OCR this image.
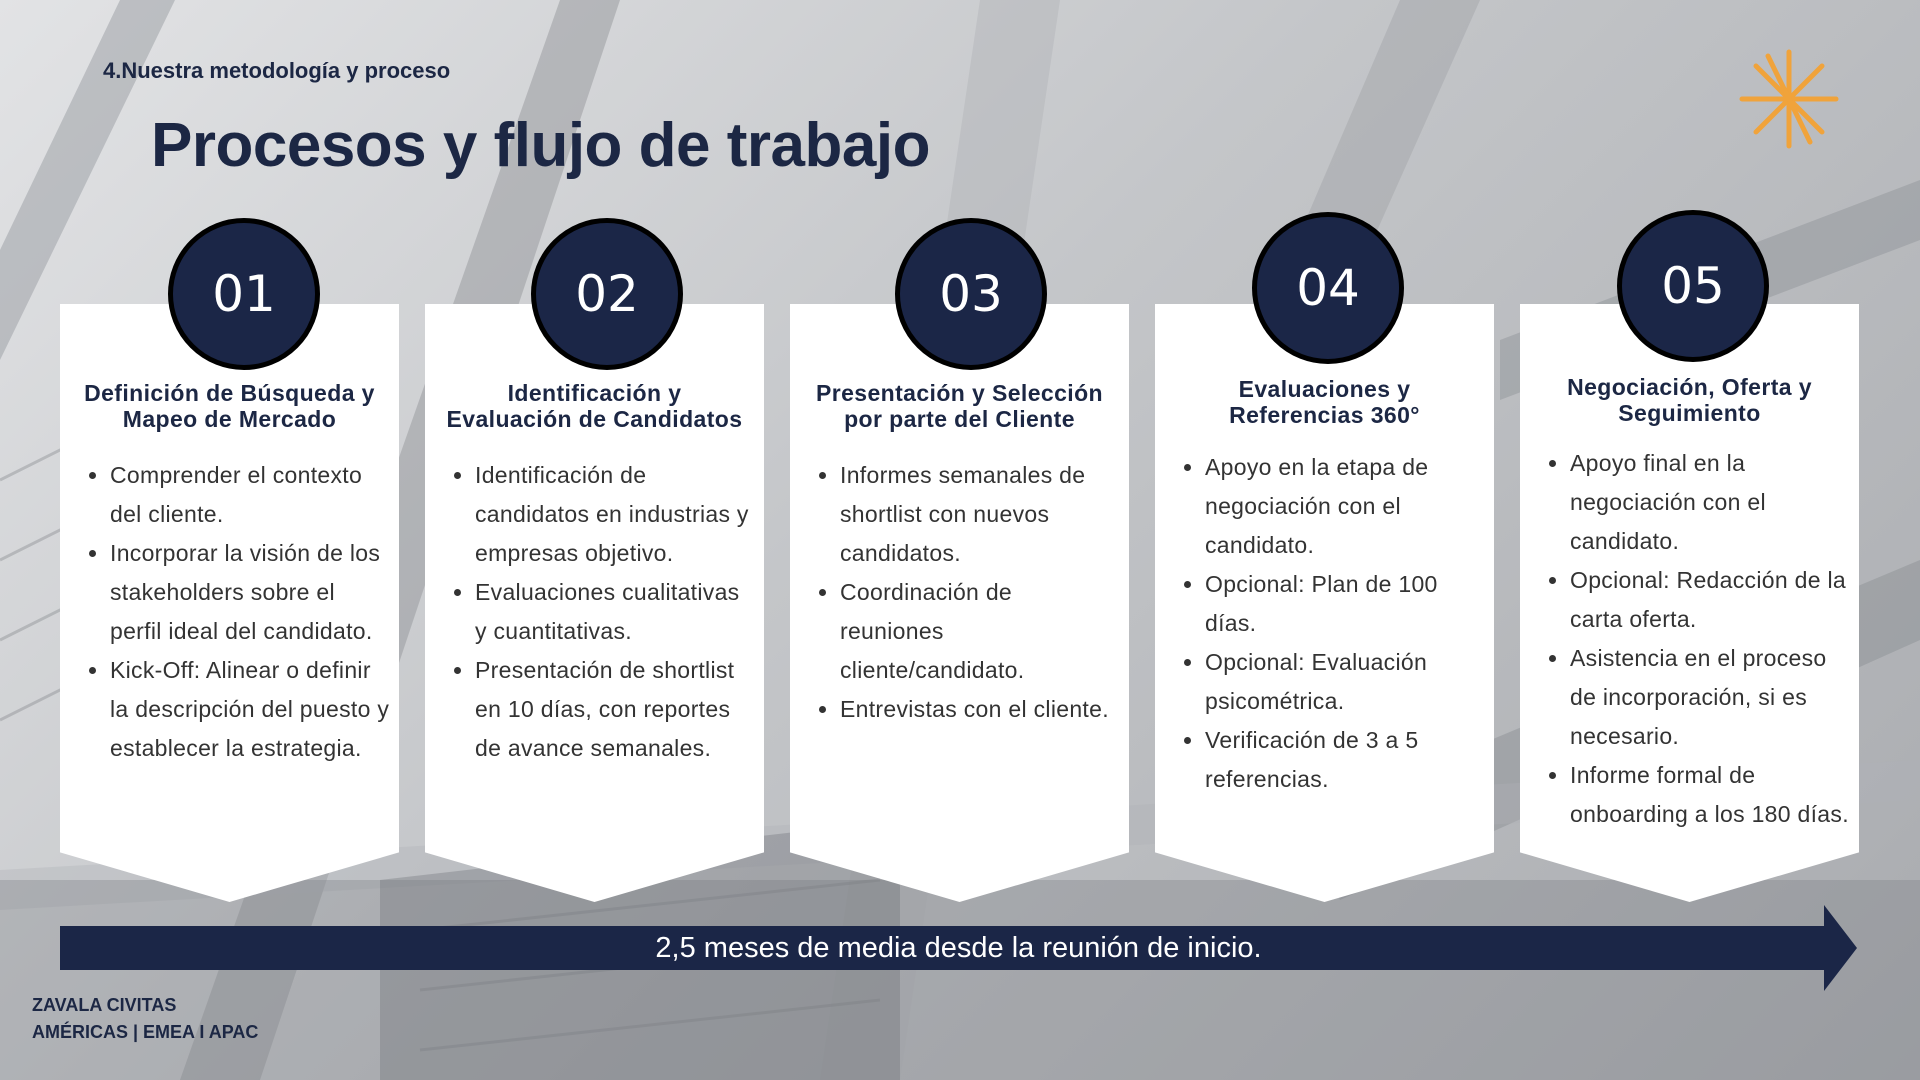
4.Nuestra metodología y proceso
Procesos y flujo de trabajo
Definición de Búsqueda y
Mapeo de Mercado
• Comprender el contexto del cliente.
• Incorporar la visión de los stakeholders sobre el perfil ideal del candidato.
• Kick-Off: Alinear o definir la descripción del puesto y establecer la estrategia.
01
Identificación y
Evaluación de Candidatos
• Identificación de candidatos en industrias y empresas objetivo.
• Evaluaciones cualitativas y cuantitativas.
• Presentación de shortlist en 10 días, con reportes de avance semanales.
02
Presentación y Selección
por parte del Cliente
• Informes semanales de shortlist con nuevos candidatos.
• Coordinación de reuniones cliente/candidato.
• Entrevistas con el cliente.
03
Evaluaciones y
Referencias 360°
• Apoyo en la etapa de negociación con el candidato.
• Opcional: Plan de 100 días.
• Opcional: Evaluación psicométrica.
• Verificación de 3 a 5 referencias.
04
Negociación, Oferta y
Seguimiento
• Apoyo final en la negociación con el candidato.
• Opcional: Redacción de la carta oferta.
• Asistencia en el proceso de incorporación, si es necesario.
• Informe formal de onboarding a los 180 días.
05
2,5 meses de media desde la reunión de inicio.
ZAVALA CIVITAS
AMÉRICAS | EMEA I APAC
